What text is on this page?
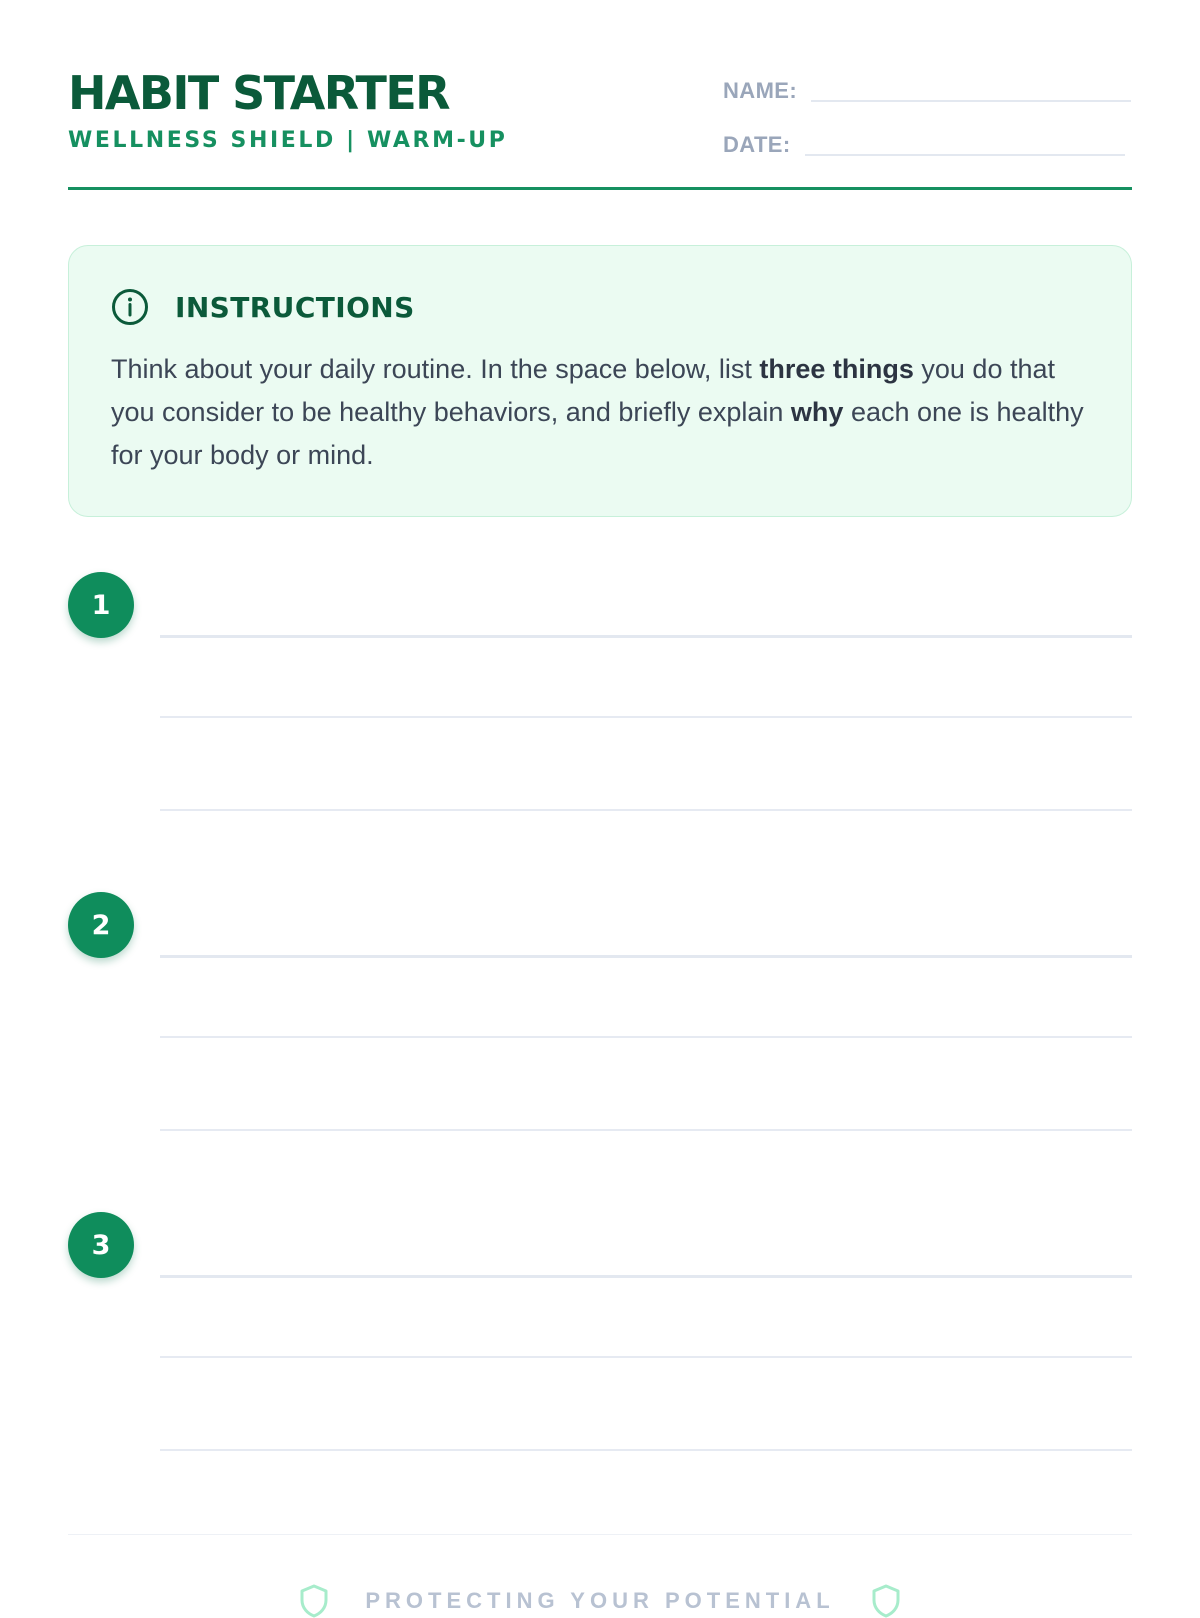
HABIT STARTER
WELLNESS SHIELD | WARM-UP
NAME:
DATE:
INSTRUCTIONS
Think about your daily routine. In the space below, list three things you do that you consider to be healthy behaviors, and briefly explain why each one is healthy for your body or mind.
1
2
3
PROTECTING YOUR POTENTIAL
